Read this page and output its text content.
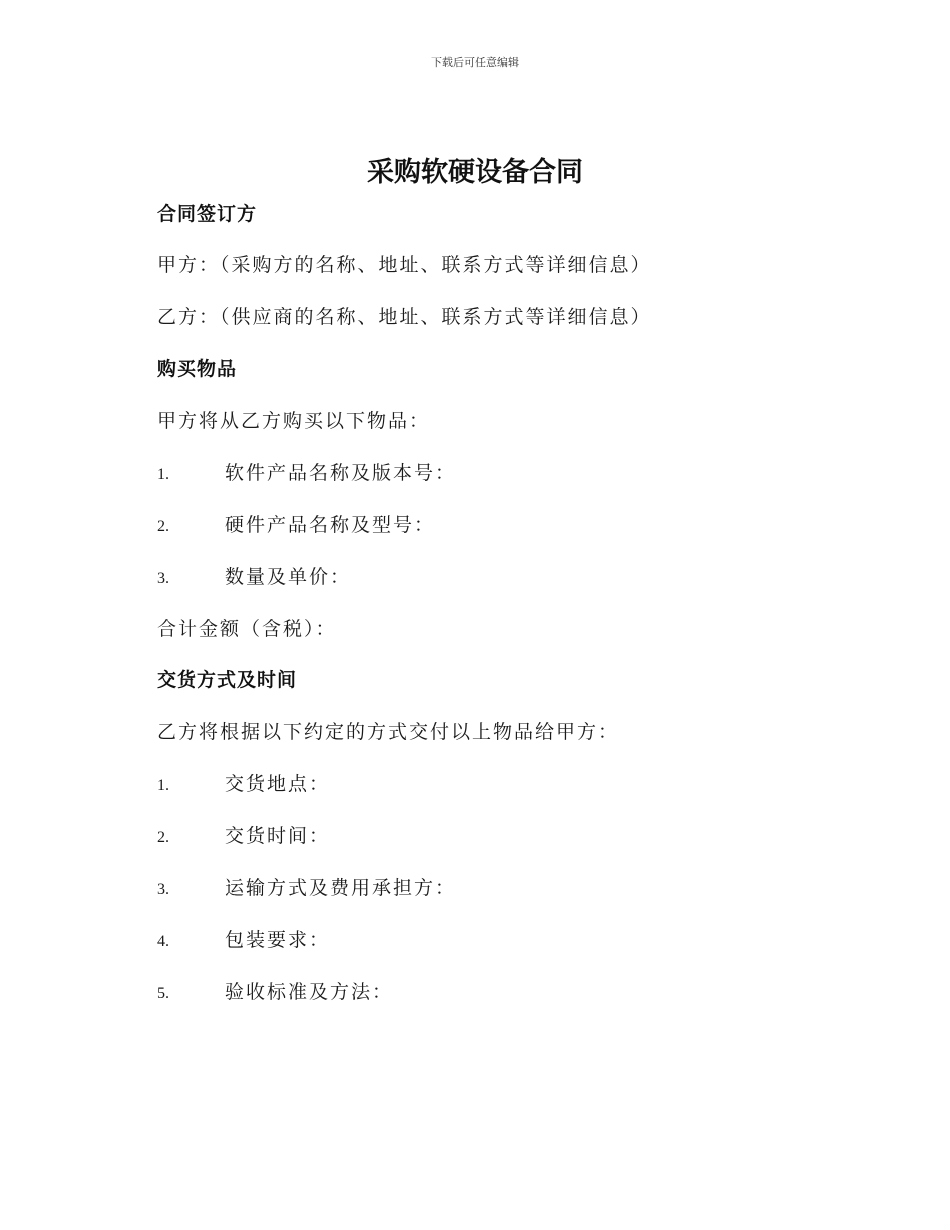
下载后可任意编辑
采购软硬设备合同
合同签订方
甲方：（采购方的名称、地址、联系方式等详细信息）
乙方：（供应商的名称、地址、联系方式等详细信息）
购买物品
甲方将从乙方购买以下物品：
1.	软件产品名称及版本号：
2.	硬件产品名称及型号：
3.	数量及单价：
合计金额（含税）：
交货方式及时间
乙方将根据以下约定的方式交付以上物品给甲方：
1.	交货地点：
2.	交货时间：
3.	运输方式及费用承担方：
4.	包装要求：
5.	验收标准及方法：
